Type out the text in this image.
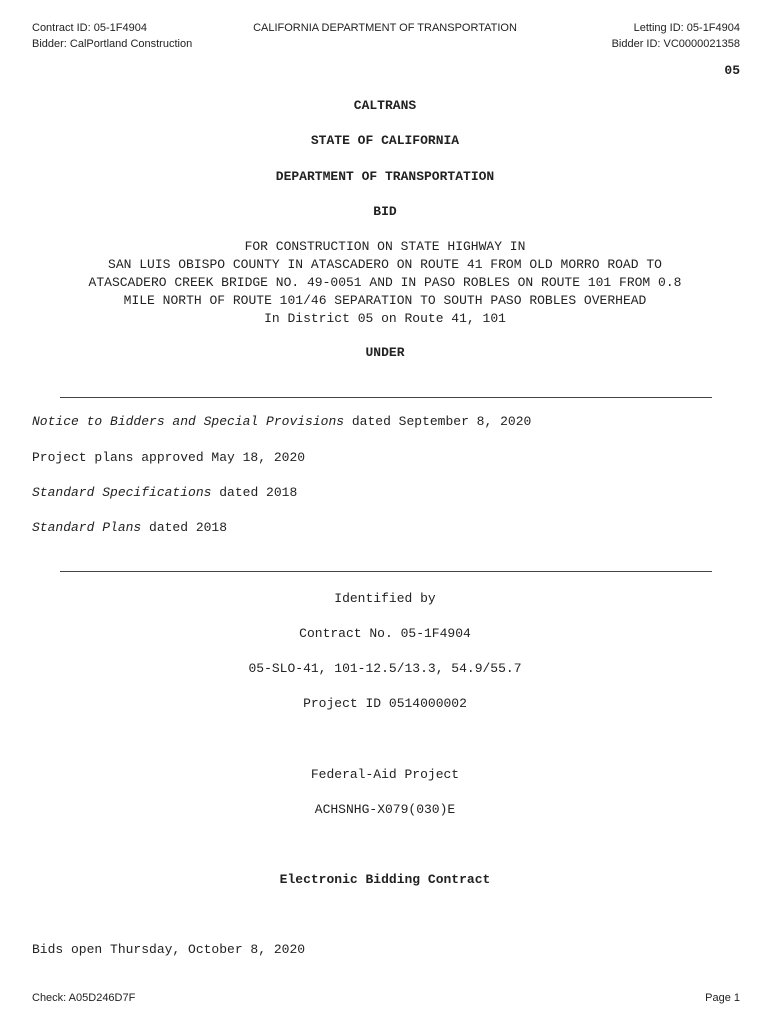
Contract ID: 05-1F4904
Bidder: CalPortland Construction
CALIFORNIA DEPARTMENT OF TRANSPORTATION	Letting ID: 05-1F4904
Bidder ID: VC0000021358
05
CALTRANS
STATE OF CALIFORNIA
DEPARTMENT OF TRANSPORTATION
BID
FOR CONSTRUCTION ON STATE HIGHWAY IN
SAN LUIS OBISPO COUNTY IN ATASCADERO ON ROUTE 41 FROM OLD MORRO ROAD TO
ATASCADERO CREEK BRIDGE NO. 49-0051 AND IN PASO ROBLES ON ROUTE 101 FROM 0.8
MILE NORTH OF ROUTE 101/46 SEPARATION TO SOUTH PASO ROBLES OVERHEAD
In District 05 on Route 41, 101
UNDER
Notice to Bidders and Special Provisions dated September 8, 2020
Project plans approved May 18, 2020
Standard Specifications dated 2018
Standard Plans dated 2018
Identified by
Contract No. 05-1F4904
05-SLO-41, 101-12.5/13.3, 54.9/55.7
Project ID 0514000002
Federal-Aid Project
ACHSNHG-X079(030)E
Electronic Bidding Contract
Bids open Thursday, October 8, 2020
Check: A05D246D7F	Page 1
